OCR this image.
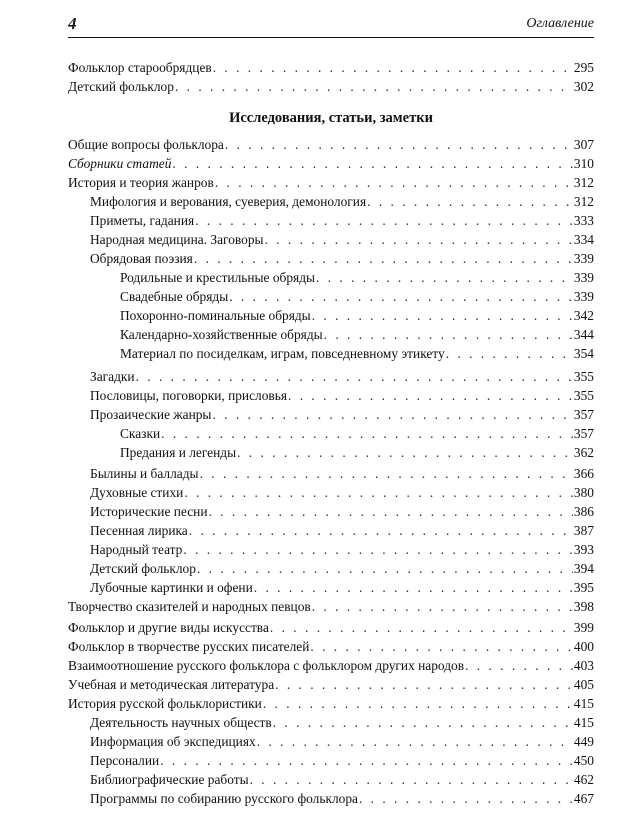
4	Оглавление
Фольклор старообрядцев . . .	295
Детский фольклор . . .	302
Исследования, статьи, заметки
Общие вопросы фольклора . . .	307
Сборники статей . . .	310
История и теория жанров . . .	312
Мифология и верования, суеверия, демонология . . .	312
Приметы, гадания . . .	333
Народная медицина. Заговоры . . .	334
Обрядовая поэзия . . .	339
Родильные и крестильные обряды . . .	339
Свадебные обряды . . .	339
Похоронно-поминальные обряды . . .	342
Календарно-хозяйственные обряды . . .	344
Материал по посиделкам, играм, повседневному этикету . . .	354
Загадки . . .	355
Пословицы, поговорки, присловья . . .	355
Прозаические жанры . . .	357
Сказки . . .	357
Предания и легенды . . .	362
Былины и баллады . . .	366
Духовные стихи . . .	380
Исторические песни . . .	386
Песенная лирика . . .	387
Народный театр . . .	393
Детский фольклор . . .	394
Лубочные картинки и офени . . .	395
Творчество сказителей и народных певцов . . .	398
Фольклор и другие виды искусства . . .	399
Фольклор в творчестве русских писателей . . .	400
Взаимоотношение русского фольклора с фольклором других народов . . .	403
Учебная и методическая литература . . .	405
История русской фольклористики . . .	415
Деятельность научных обществ . . .	415
Информация об экспедициях . . .	449
Персоналии . . .	450
Библиографические работы . . .	462
Программы по собиранию русского фольклора . . .	467
